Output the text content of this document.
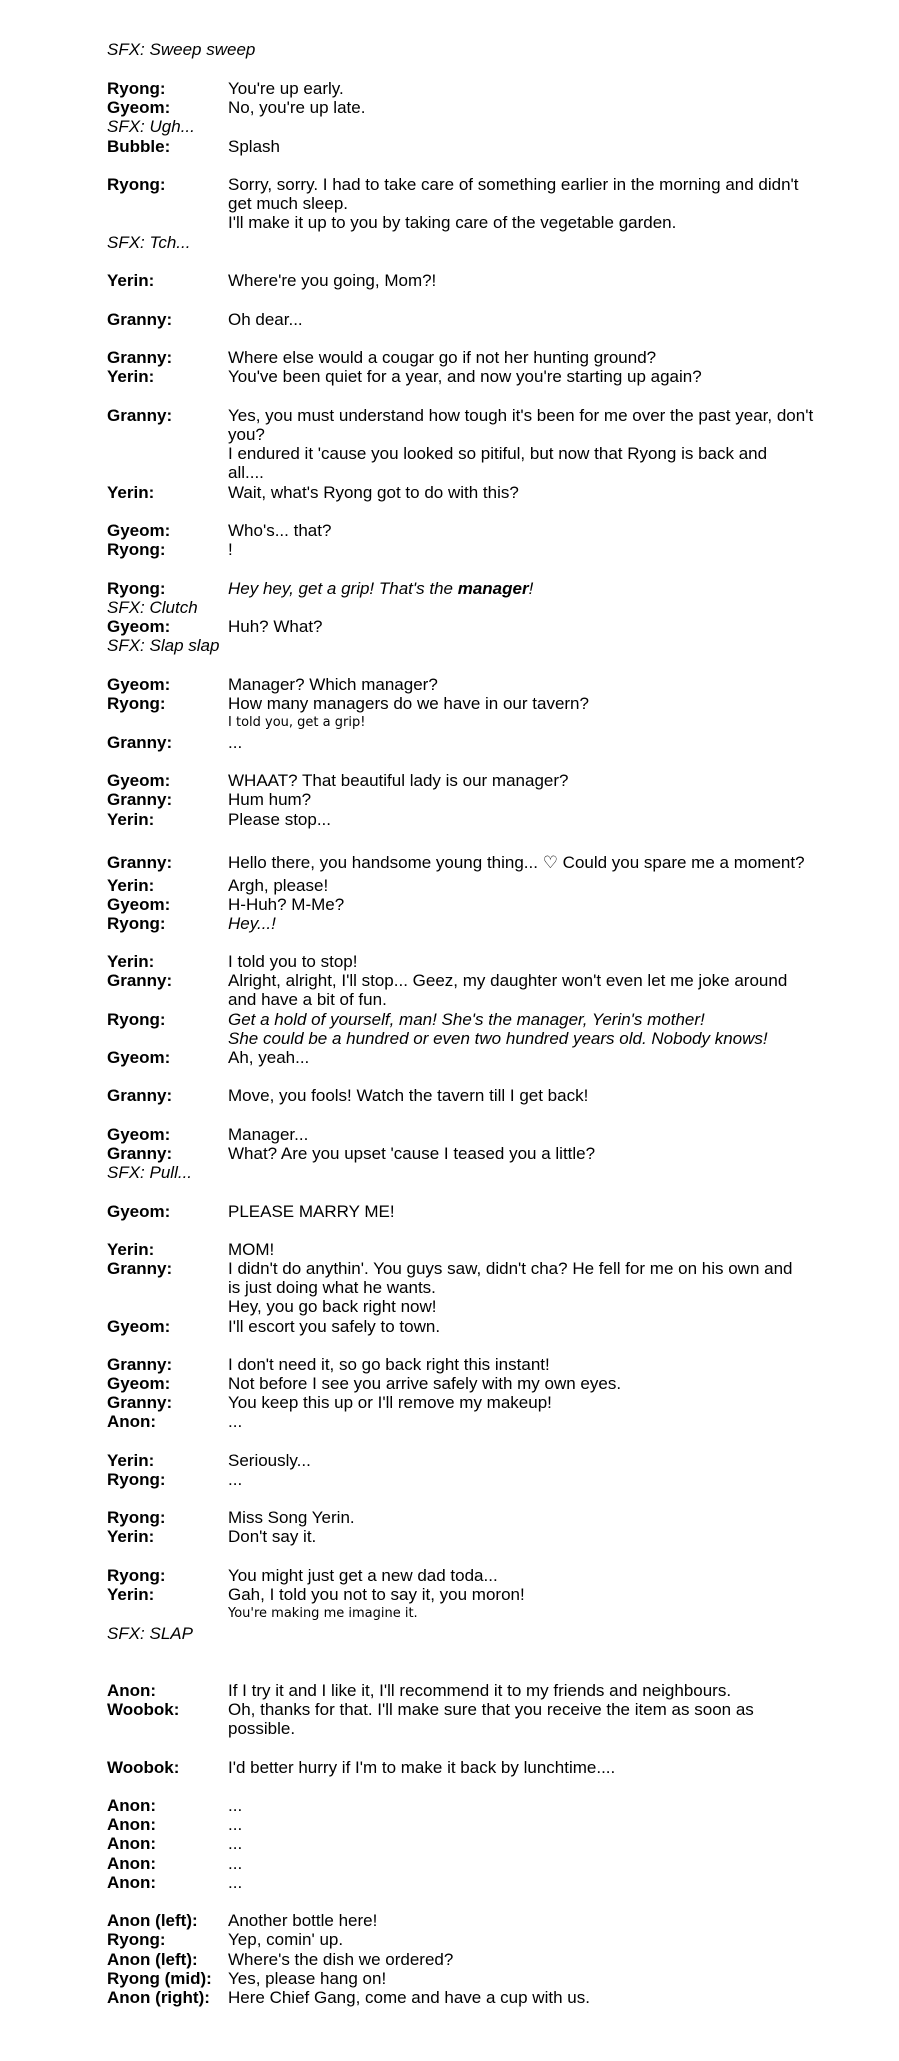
SFX: Sweep sweep
Ryong:	You're up early.
Gyeom:	No, you're up late.
SFX: Ugh...
Bubble:	Splash
Ryong:	Sorry, sorry. I had to take care of something earlier in the morning and didn't
get much sleep.
I'll make it up to you by taking care of the vegetable garden.
SFX: Tch...
Yerin:	Where're you going, Mom?!
Granny:	Oh dear...
Granny:	Where else would a cougar go if not her hunting ground?
Yerin:	You've been quiet for a year, and now you're starting up again?
Granny:	Yes, you must understand how tough it's been for me over the past year, don't
you?
I endured it 'cause you looked so pitiful, but now that Ryong is back and
all....
Yerin:	Wait, what's Ryong got to do with this?
Gyeom:	Who's... that?
Ryong:	!
Ryong:	Hey hey, get a grip! That's the manager!
SFX: Clutch
Gyeom:	Huh? What?
SFX: Slap slap
Gyeom:	Manager? Which manager?
Ryong:	How many managers do we have in our tavern?
I told you, get a grip!
Granny:	...
Gyeom:	WHAAT? That beautiful lady is our manager?
Granny:	Hum hum?
Yerin:	Please stop...
Granny:	Hello there, you handsome young thing... ♡ Could you spare me a moment?
Yerin:	Argh, please!
Gyeom:	H-Huh? M-Me?
Ryong:	Hey...!
Yerin:	I told you to stop!
Granny:	Alright, alright, I'll stop... Geez, my daughter won't even let me joke around
and have a bit of fun.
Ryong:	Get a hold of yourself, man! She's the manager, Yerin's mother!
She could be a hundred or even two hundred years old. Nobody knows!
Gyeom:	Ah, yeah...
Granny:	Move, you fools! Watch the tavern till I get back!
Gyeom:	Manager...
Granny:	What? Are you upset 'cause I teased you a little?
SFX: Pull...
Gyeom:	PLEASE MARRY ME!
Yerin:	MOM!
Granny:	I didn't do anythin'. You guys saw, didn't cha? He fell for me on his own and
is just doing what he wants.
Hey, you go back right now!
Gyeom:	I'll escort you safely to town.
Granny:	I don't need it, so go back right this instant!
Gyeom:	Not before I see you arrive safely with my own eyes.
Granny:	You keep this up or I'll remove my makeup!
Anon:	...
Yerin:	Seriously...
Ryong:	...
Ryong:	Miss Song Yerin.
Yerin:	Don't say it.
Ryong:	You might just get a new dad toda...
Yerin:	Gah, I told you not to say it, you moron!
You're making me imagine it.
SFX: SLAP
Anon:	If I try it and I like it, I'll recommend it to my friends and neighbours.
Woobok:	Oh, thanks for that. I'll make sure that you receive the item as soon as
possible.
Woobok:	I'd better hurry if I'm to make it back by lunchtime....
Anon:	...
Anon:	...
Anon:	...
Anon:	...
Anon:	...
Anon (left): Another bottle here!
Ryong:	Yep, comin' up.
Anon (left): Where's the dish we ordered?
Ryong (mid): Yes, please hang on!
Anon (right): Here Chief Gang, come and have a cup with us.
